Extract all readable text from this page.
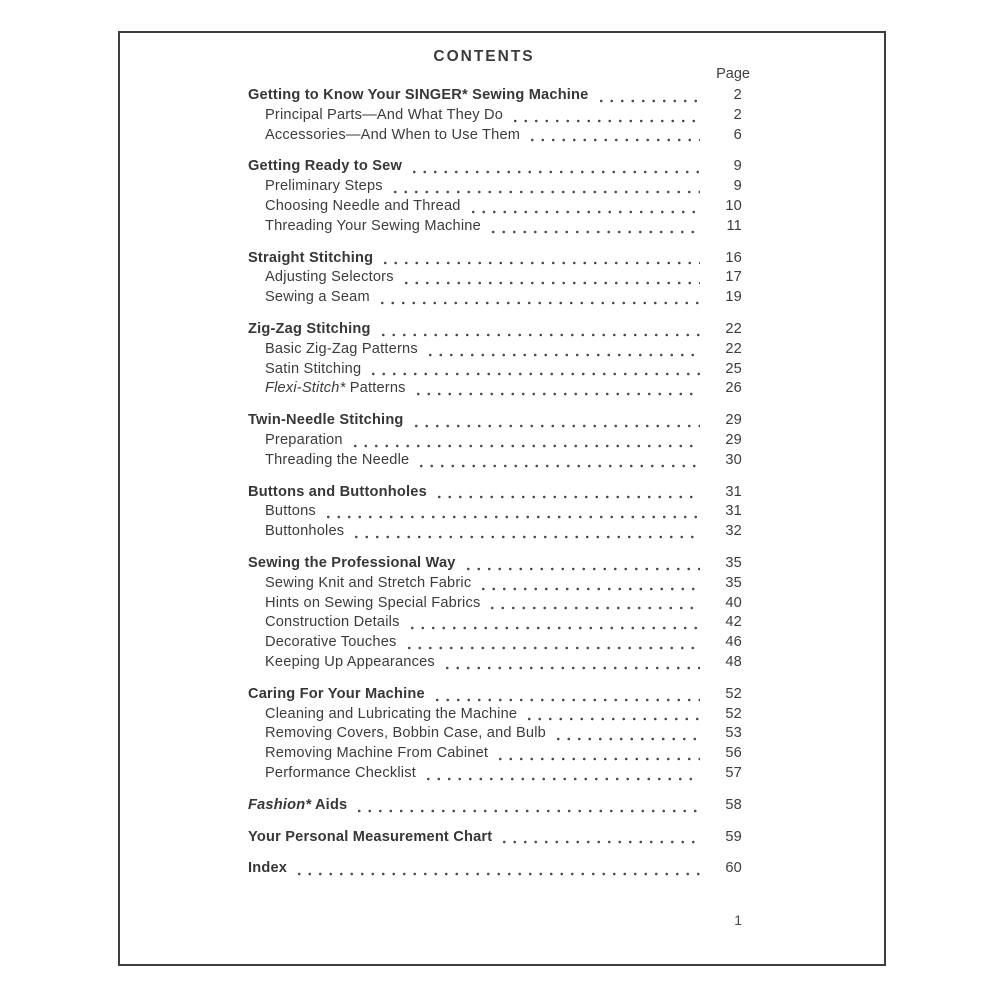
CONTENTS
Page
Getting to Know Your SINGER* Sewing Machine	2
Principal Parts—And What They Do	2
Accessories—And When to Use Them	6
Getting Ready to Sew	9
Preliminary Steps	9
Choosing Needle and Thread	10
Threading Your Sewing Machine	11
Straight Stitching	16
Adjusting Selectors	17
Sewing a Seam	19
Zig-Zag Stitching	22
Basic Zig-Zag Patterns	22
Satin Stitching	25
Flexi-Stitch* Patterns	26
Twin-Needle Stitching	29
Preparation	29
Threading the Needle	30
Buttons and Buttonholes	31
Buttons	31
Buttonholes	32
Sewing the Professional Way	35
Sewing Knit and Stretch Fabric	35
Hints on Sewing Special Fabrics	40
Construction Details	42
Decorative Touches	46
Keeping Up Appearances	48
Caring For Your Machine	52
Cleaning and Lubricating the Machine	52
Removing Covers, Bobbin Case, and Bulb	53
Removing Machine From Cabinet	56
Performance Checklist	57
Fashion* Aids	58
Your Personal Measurement Chart	59
Index	60
1
